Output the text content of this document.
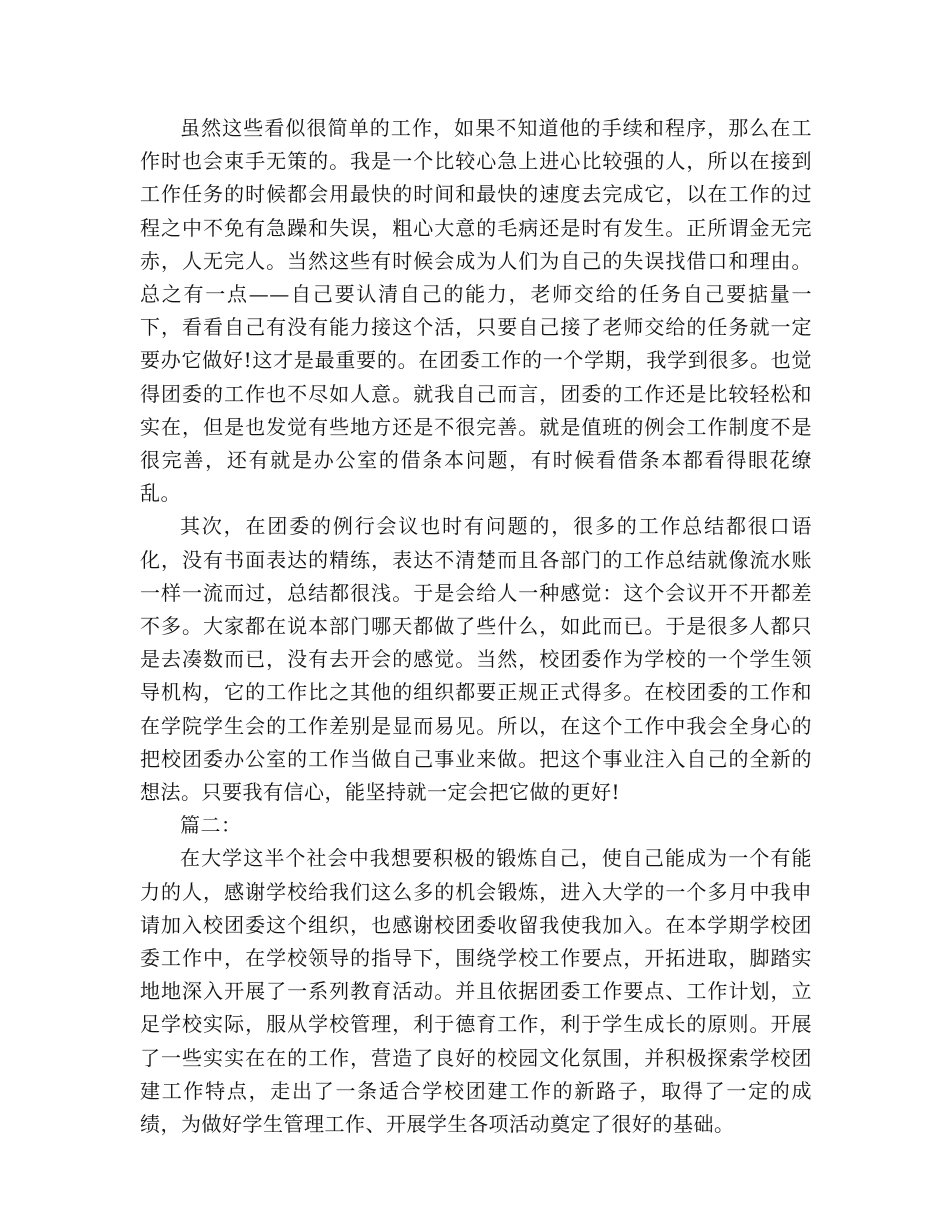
虽然这些看似很简单的工作，如果不知道他的手续和程序，那么在工作时也会束手无策的。我是一个比较心急上进心比较强的人，所以在接到工作任务的时候都会用最快的时间和最快的速度去完成它，以在工作的过程之中不免有急躁和失误，粗心大意的毛病还是时有发生。正所谓金无完赤，人无完人。当然这些有时候会成为人们为自己的失误找借口和理由。总之有一点——自己要认清自己的能力，老师交给的任务自己要掂量一下，看看自己有没有能力接这个活，只要自己接了老师交给的任务就一定要办它做好!这才是最重要的。在团委工作的一个学期，我学到很多。也觉得团委的工作也不尽如人意。就我自己而言，团委的工作还是比较轻松和实在，但是也发觉有些地方还是不很完善。就是值班的例会工作制度不是很完善，还有就是办公室的借条本问题，有时候看借条本都看得眼花缭乱。

其次，在团委的例行会议也时有问题的，很多的工作总结都很口语化，没有书面表达的精练，表达不清楚而且各部门的工作总结就像流水账一样一流而过，总结都很浅。于是会给人一种感觉：这个会议开不开都差不多。大家都在说本部门哪天都做了些什么，如此而已。于是很多人都只是去凑数而已，没有去开会的感觉。当然，校团委作为学校的一个学生领导机构，它的工作比之其他的组织都要正规正式得多。在校团委的工作和在学院学生会的工作差别是显而易见。所以，在这个工作中我会全身心的把校团委办公室的工作当做自己事业来做。把这个事业注入自己的全新的想法。只要我有信心，能坚持就一定会把它做的更好!

篇二：

在大学这半个社会中我想要积极的锻炼自己，使自己能成为一个有能力的人，感谢学校给我们这么多的机会锻炼，进入大学的一个多月中我申请加入校团委这个组织，也感谢校团委收留我使我加入。在本学期学校团委工作中，在学校领导的指导下，围绕学校工作要点，开拓进取，脚踏实地地深入开展了一系列教育活动。并且依据团委工作要点、工作计划，立足学校实际，服从学校管理，利于德育工作，利于学生成长的原则。开展了一些实实在在的工作，营造了良好的校园文化氛围，并积极探索学校团建工作特点，走出了一条适合学校团建工作的新路子，取得了一定的成绩，为做好学生管理工作、开展学生各项活动奠定了很好的基础。
